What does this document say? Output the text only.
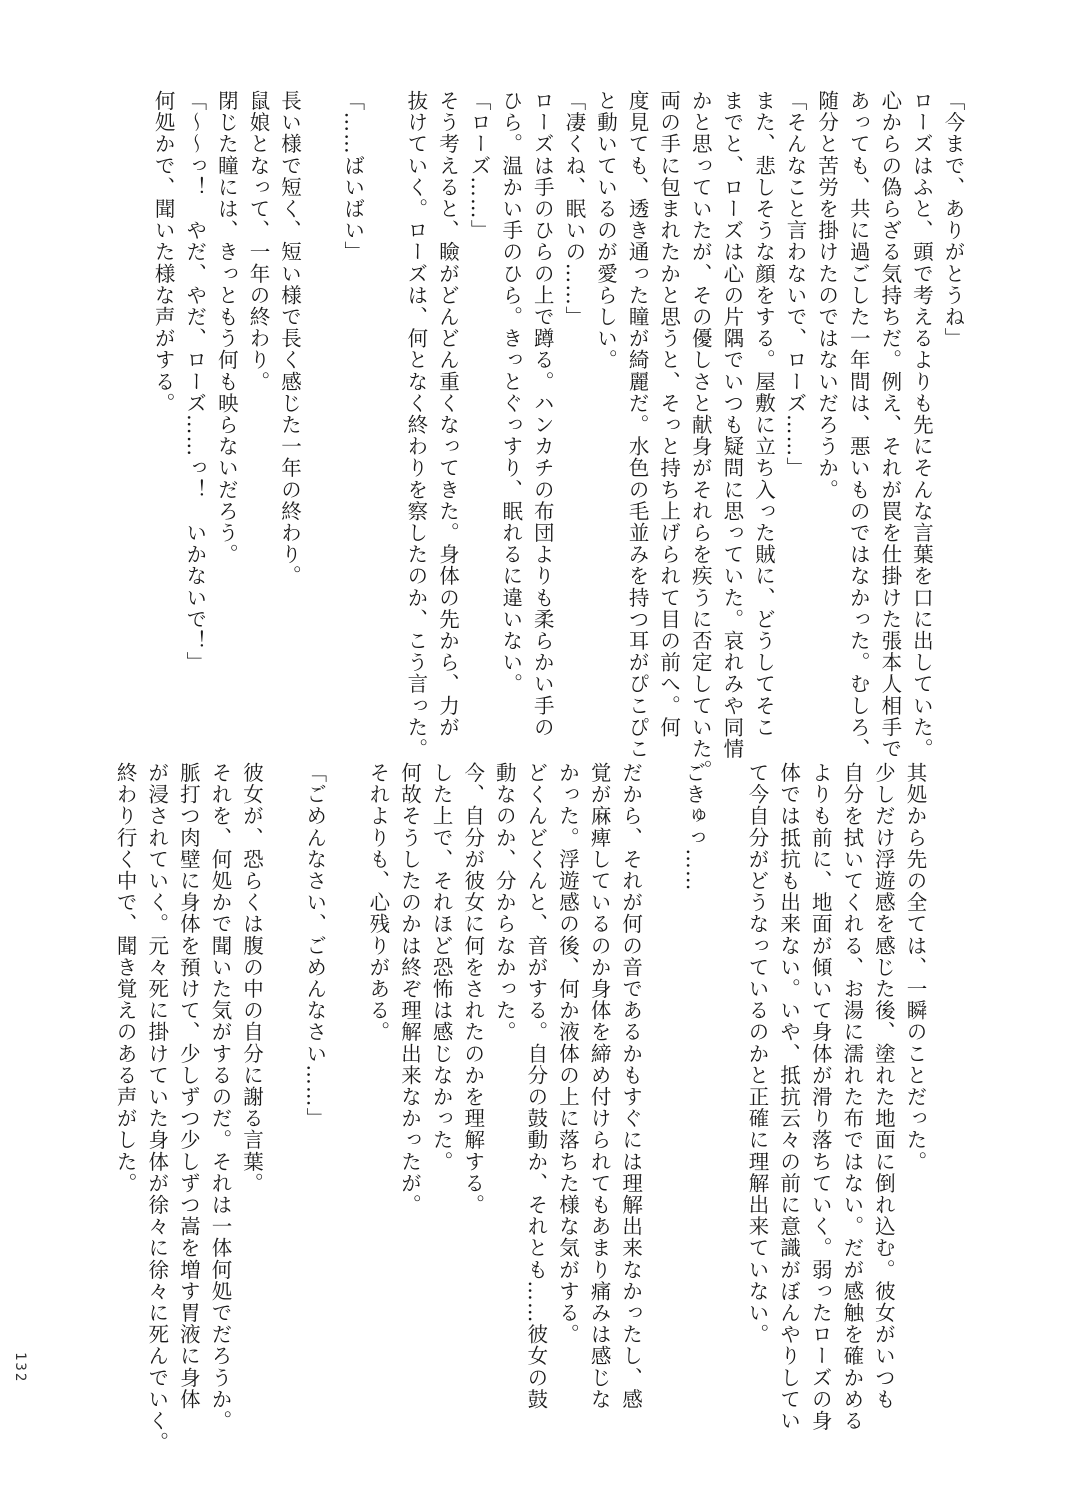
「今まで、ありがとうね」
ローズはふと、頭で考えるよりも先にそんな言葉を口に出していた。
心からの偽らざる気持ちだ。例え、それが罠を仕掛けた張本人相手で
あっても、共に過ごした一年間は、悪いものではなかった。むしろ、
随分と苦労を掛けたのではないだろうか。
「そんなこと言わないで、ローズ……」
また、悲しそうな顔をする。屋敷に立ち入った賊に、どうしてそこ
までと、ローズは心の片隅でいつも疑問に思っていた。哀れみや同情
かと思っていたが、その優しさと献身がそれらを疾うに否定していた。
両の手に包まれたかと思うと、そっと持ち上げられて目の前へ。何
度見ても、透き通った瞳が綺麗だ。水色の毛並みを持つ耳がぴこぴこ
と動いているのが愛らしい。
「凄くね、眠いの……」
ローズは手のひらの上で蹲る。ハンカチの布団よりも柔らかい手の
ひら。温かい手のひら。きっとぐっすり、眠れるに違いない。
「ローズ……」
そう考えると、瞼がどんどん重くなってきた。身体の先から、力が
抜けていく。ローズは、何となく終わりを察したのか、こう言った。

「……ばいばい」

長い様で短く、短い様で長く感じた一年の終わり。
鼠娘となって、一年の終わり。
閉じた瞳には、きっともう何も映らないだろう。
「～～っ！　やだ、やだ、ローズ……っ！　いかないで！」
何処かで、聞いた様な声がする。
其処から先の全ては、一瞬のことだった。
少しだけ浮遊感を感じた後、塗れた地面に倒れ込む。彼女がいつも
自分を拭いてくれる、お湯に濡れた布ではない。だが感触を確かめる
よりも前に、地面が傾いて身体が滑り落ちていく。弱ったローズの身
体では抵抗も出来ない。いや、抵抗云々の前に意識がぼんやりしてい
て今自分がどうなっているのかと正確に理解出来ていない。

ごきゅっ……

だから、それが何の音であるかもすぐには理解出来なかったし、感
覚が麻痺しているのか身体を締め付けられてもあまり痛みは感じな
かった。浮遊感の後、何か液体の上に落ちた様な気がする。
どくんどくんと、音がする。自分の鼓動か、それとも……彼女の鼓
動なのか、分からなかった。
今、自分が彼女に何をされたのかを理解する。
した上で、それほど恐怖は感じなかった。
何故そうしたのかは終ぞ理解出来なかったが。
それよりも、心残りがある。

「ごめんなさい、ごめんなさい……」

彼女が、恐らくは腹の中の自分に謝る言葉。
それを、何処かで聞いた気がするのだ。それは一体何処でだろうか。
脈打つ肉壁に身体を預けて、少しずつ少しずつ嵩を増す胃液に身体
が浸されていく。元々死に掛けていた身体が徐々に徐々に死んでいく。
終わり行く中で、聞き覚えのある声がした。
132
